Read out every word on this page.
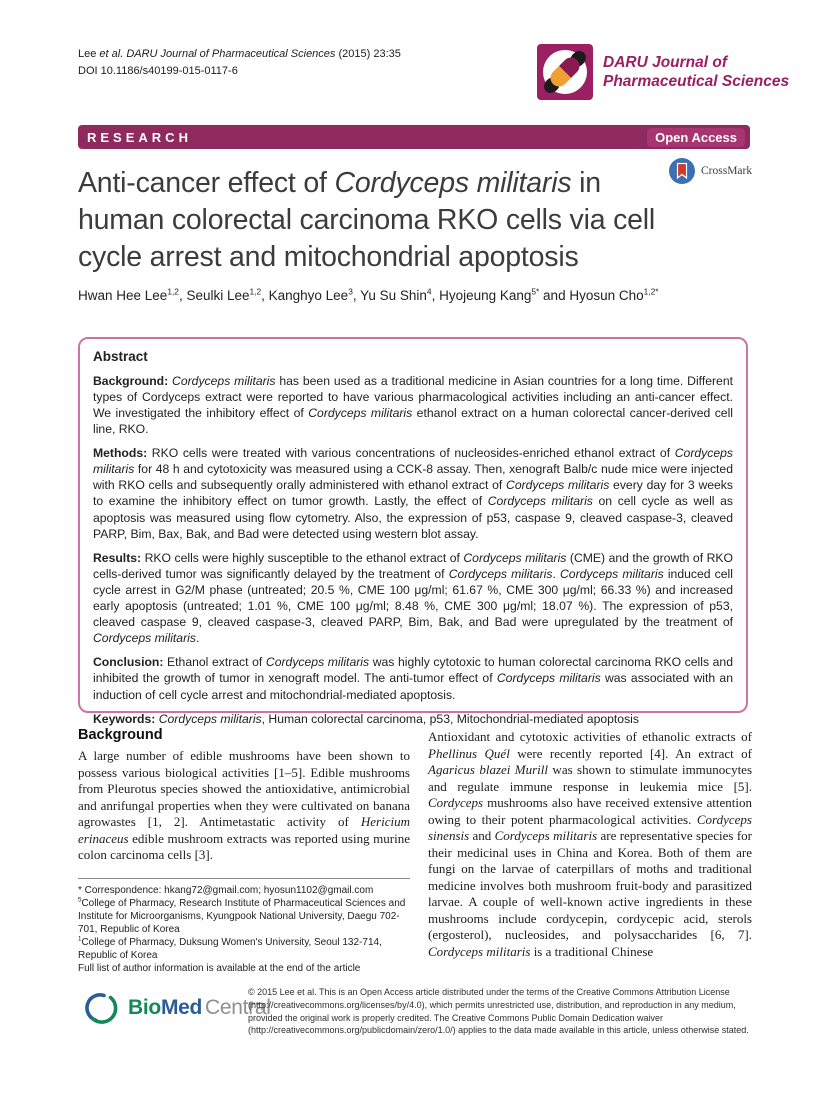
Lee et al. DARU Journal of Pharmaceutical Sciences (2015) 23:35
DOI 10.1186/s40199-015-0117-6	DARU Journal of
Pharmaceutical Sciences
RESEARCH	Open Access
CrossMark
Anti-cancer effect of Cordyceps militaris in
human colorectal carcinoma RKO cells via cell
cycle arrest and mitochondrial apoptosis
Hwan Hee Lee$^{1,2}$, Seulki Lee$^{1,2}$, Kanghyo Lee$^3$, Yu Su Shin$^4$, Hyojeung Kang$^{5*}$ and Hyosun Cho$^{1,2*}$
Abstract

Background: Cordyceps militaris has been used as a traditional medicine in Asian countries for a long time. Different types of Cordyceps extract were reported to have various pharmacological activities including an anti-cancer effect. We investigated the inhibitory effect of Cordyceps militaris ethanol extract on a human colorectal cancer-derived cell line, RKO.

Methods: RKO cells were treated with various concentrations of nucleosides-enriched ethanol extract of Cordyceps militaris for 48 h and cytotoxicity was measured using a CCK-8 assay. Then, xenograft Balb/c nude mice were injected with RKO cells and subsequently orally administered with ethanol extract of Cordyceps militaris every day for 3 weeks to examine the inhibitory effect on tumor growth. Lastly, the effect of Cordyceps militaris on cell cycle as well as apoptosis was measured using flow cytometry. Also, the expression of p53, caspase 9, cleaved caspase-3, cleaved PARP, Bim, Bax, Bak, and Bad were detected using western blot assay.

Results: RKO cells were highly susceptible to the ethanol extract of Cordyceps militaris (CME) and the growth of RKO cells-derived tumor was significantly delayed by the treatment of Cordyceps militaris. Cordyceps militaris induced cell cycle arrest in G2/M phase (untreated; 20.5 %, CME 100 μg/ml; 61.67 %, CME 300 μg/ml; 66.33 %) and increased early apoptosis (untreated; 1.01 %, CME 100 μg/ml; 8.48 %, CME 300 μg/ml; 18.07 %). The expression of p53, cleaved caspase 9, cleaved caspase-3, cleaved PARP, Bim, Bak, and Bad were upregulated by the treatment of Cordyceps militaris.

Conclusion: Ethanol extract of Cordyceps militaris was highly cytotoxic to human colorectal carcinoma RKO cells and inhibited the growth of tumor in xenograft model. The anti-tumor effect of Cordyceps militaris was associated with an induction of cell cycle arrest and mitochondrial-mediated apoptosis.

Keywords: Cordyceps militaris, Human colorectal carcinoma, p53, Mitochondrial-mediated apoptosis

Background

A large number of edible mushrooms have been shown to possess various biological activities [1–5]. Edible mushrooms from Pleurotus species showed the antioxidative, antimicrobial and anrifungal properties when they were cultivated on banana agrowastes [1, 2]. Antimetastatic activity of Hericium erinaceus edible mushroom extracts was reported using murine colon carcinoma cells [3].

Antioxidant and cytotoxic activities of ethanolic extracts of Phellinus Quél were recently reported [4]. An extract of Agaricus blazei Murill was shown to stimulate immunocytes and regulate immune response in leukemia mice [5]. Cordyceps mushrooms also have received extensive attention owing to their potent pharmacological activities. Cordyceps sinensis and Cordyceps militaris are representative species for their medicinal uses in China and Korea. Both of them are fungi on the larvae of caterpillars of moths and traditional medicine involves both mushroom fruit-body and parasitized larvae. A couple of well-known active ingredients in these mushrooms include cordycepin, cordycepic acid, sterols (ergosterol), nucleosides, and polysaccharides [6, 7]. Cordyceps militaris is a traditional Chinese

* Correspondence: hkang72@gmail.com; hyosun1102@gmail.com
$^5$College of Pharmacy, Research Institute of Pharmaceutical Sciences and Institute for Microorganisms, Kyungpook National University, Daegu 702-701, Republic of Korea
$^1$College of Pharmacy, Duksung Women's University, Seoul 132-714, Republic of Korea
Full list of author information is available at the end of the article
BioMed Central

© 2015 Lee et al. This is an Open Access article distributed under the terms of the Creative Commons Attribution License (http://creativecommons.org/licenses/by/4.0), which permits unrestricted use, distribution, and reproduction in any medium, provided the original work is properly credited. The Creative Commons Public Domain Dedication waiver (http://creativecommons.org/publicdomain/zero/1.0/) applies to the data made available in this article, unless otherwise stated.
